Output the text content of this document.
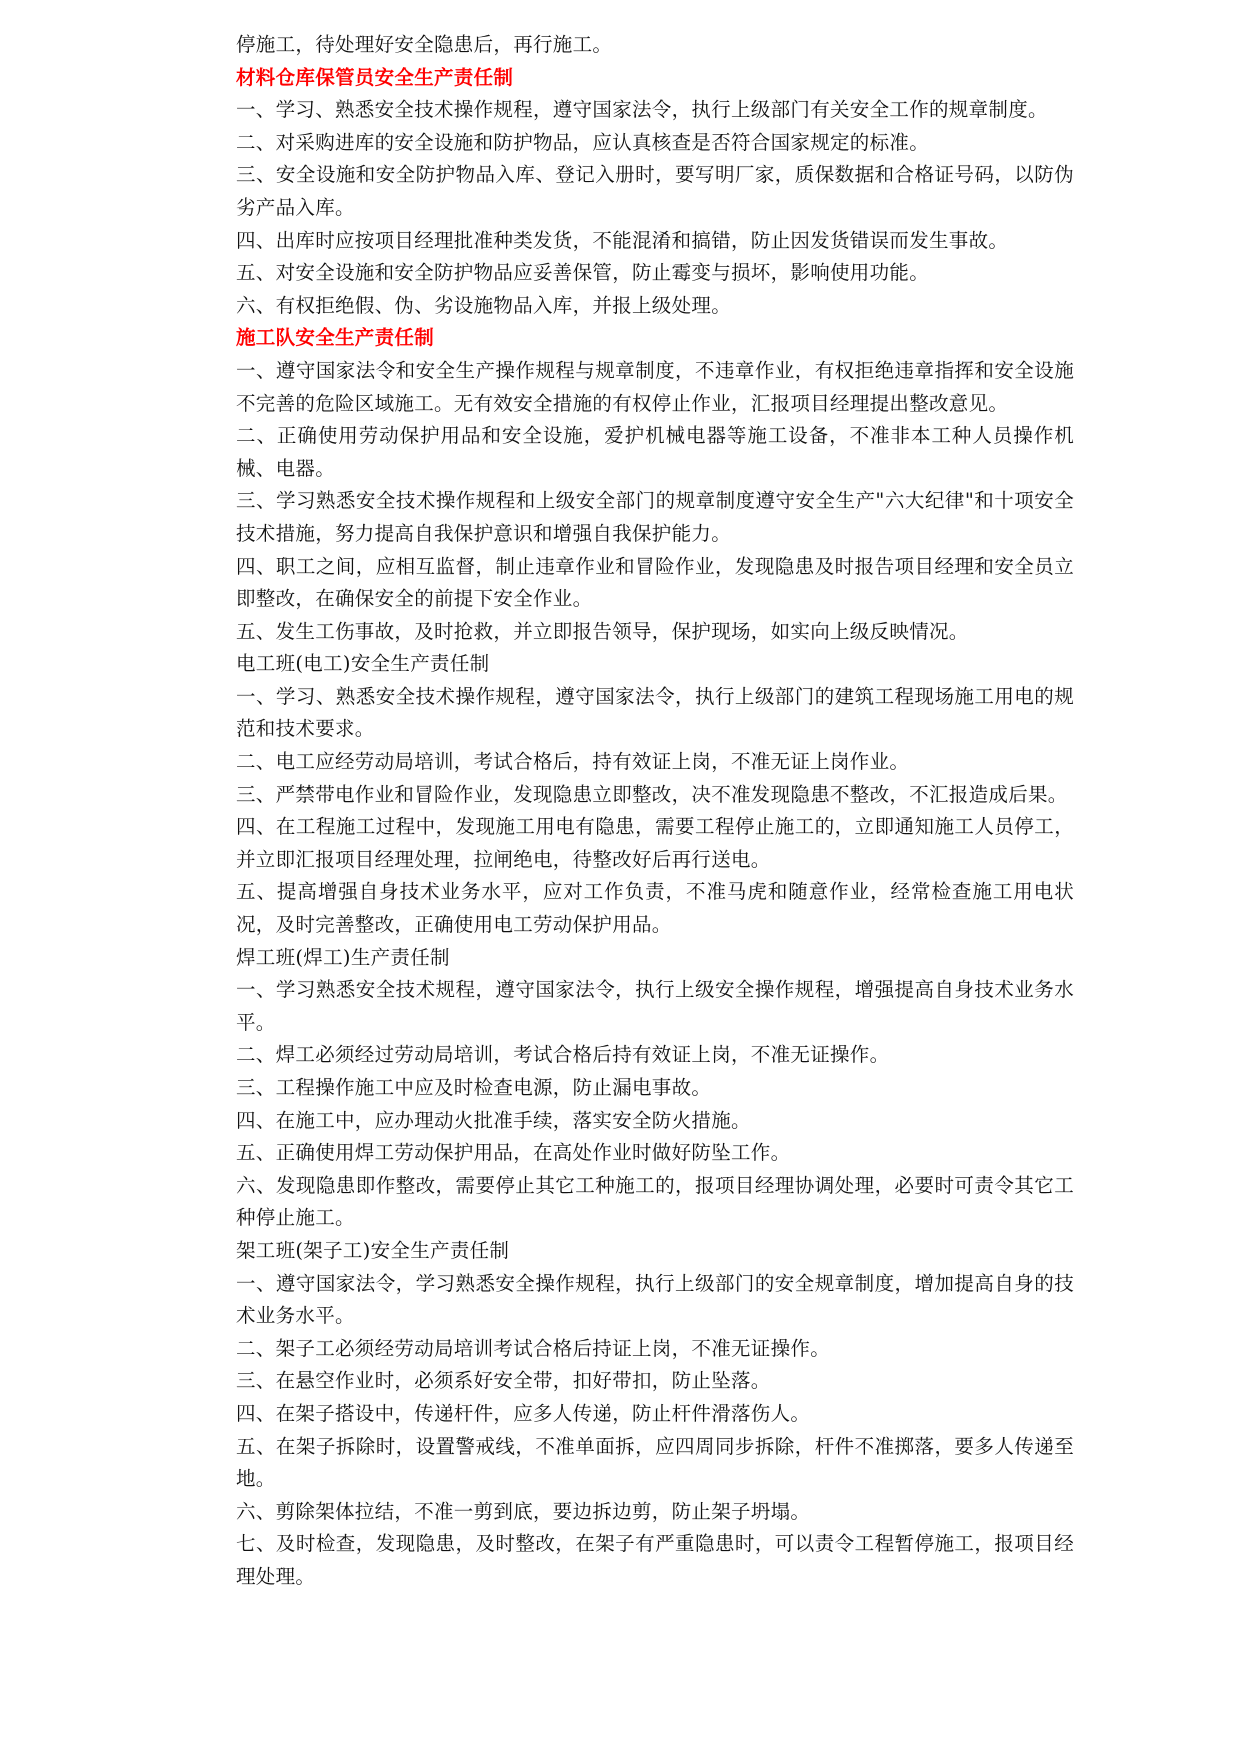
停施工，待处理好安全隐患后，再行施工。

材料仓库保管员安全生产责任制

一、学习、熟悉安全技术操作规程，遵守国家法令，执行上级部门有关安全工作的规章制度。

二、对采购进库的安全设施和防护物品，应认真核查是否符合国家规定的标准。

三、安全设施和安全防护物品入库、登记入册时，要写明厂家，质保数据和合格证号码，以防伪劣产品入库。

四、出库时应按项目经理批准种类发货，不能混淆和搞错，防止因发货错误而发生事故。

五、对安全设施和安全防护物品应妥善保管，防止霉变与损坏，影响使用功能。

六、有权拒绝假、伪、劣设施物品入库，并报上级处理。

施工队安全生产责任制

一、遵守国家法令和安全生产操作规程与规章制度，不违章作业，有权拒绝违章指挥和安全设施不完善的危险区域施工。无有效安全措施的有权停止作业，汇报项目经理提出整改意见。

二、正确使用劳动保护用品和安全设施，爱护机械电器等施工设备，不准非本工种人员操作机械、电器。

三、学习熟悉安全技术操作规程和上级安全部门的规章制度遵守安全生产"六大纪律"和十项安全技术措施，努力提高自我保护意识和增强自我保护能力。

四、职工之间，应相互监督，制止违章作业和冒险作业，发现隐患及时报告项目经理和安全员立即整改，在确保安全的前提下安全作业。

五、发生工伤事故，及时抢救，并立即报告领导，保护现场，如实向上级反映情况。

电工班(电工)安全生产责任制

一、学习、熟悉安全技术操作规程，遵守国家法令，执行上级部门的建筑工程现场施工用电的规范和技术要求。

二、电工应经劳动局培训，考试合格后，持有效证上岗，不准无证上岗作业。

三、严禁带电作业和冒险作业，发现隐患立即整改，决不准发现隐患不整改，不汇报造成后果。

四、在工程施工过程中，发现施工用电有隐患，需要工程停止施工的，立即通知施工人员停工，并立即汇报项目经理处理，拉闸绝电，待整改好后再行送电。

五、提高增强自身技术业务水平，应对工作负责，不准马虎和随意作业，经常检查施工用电状况，及时完善整改，正确使用电工劳动保护用品。

焊工班(焊工)生产责任制

一、学习熟悉安全技术规程，遵守国家法令，执行上级安全操作规程，增强提高自身技术业务水平。

二、焊工必须经过劳动局培训，考试合格后持有效证上岗，不准无证操作。

三、工程操作施工中应及时检查电源，防止漏电事故。

四、在施工中，应办理动火批准手续，落实安全防火措施。

五、正确使用焊工劳动保护用品，在高处作业时做好防坠工作。

六、发现隐患即作整改，需要停止其它工种施工的，报项目经理协调处理，必要时可责令其它工种停止施工。

架工班(架子工)安全生产责任制

一、遵守国家法令，学习熟悉安全操作规程，执行上级部门的安全规章制度，增加提高自身的技术业务水平。

二、架子工必须经劳动局培训考试合格后持证上岗，不准无证操作。

三、在悬空作业时，必须系好安全带，扣好带扣，防止坠落。

四、在架子搭设中，传递杆件，应多人传递，防止杆件滑落伤人。

五、在架子拆除时，设置警戒线，不准单面拆，应四周同步拆除，杆件不准掷落，要多人传递至地。

六、剪除架体拉结，不准一剪到底，要边拆边剪，防止架子坍塌。

七、及时检查，发现隐患，及时整改，在架子有严重隐患时，可以责令工程暂停施工，报项目经理处理。
